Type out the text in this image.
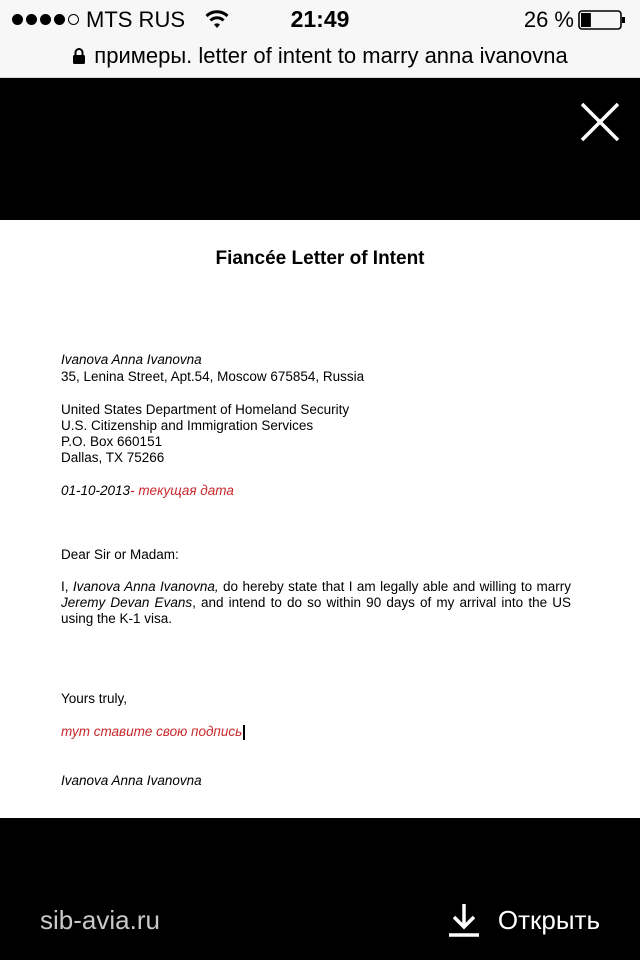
MTS RUS	21:49	26 %
примеры. letter of intent to marry anna ivanovna
Fiancée Letter of Intent
Ivanova Anna Ivanovna
35, Lenina Street, Apt.54, Moscow 675854, Russia
United States Department of Homeland Security
U.S. Citizenship and Immigration Services
P.O. Box 660151
Dallas, TX 75266
01-10-2013- текущая дата
Dear Sir or Madam:
I, Ivanova Anna Ivanovna, do hereby state that I am legally able and willing to marry Jeremy Devan Evans, and intend to do so within 90 days of my arrival into the US using the K-1 visa.
Yours truly,
тут ставите свою подпись
Ivanova Anna Ivanovna
sib-avia.ru	Открыть
